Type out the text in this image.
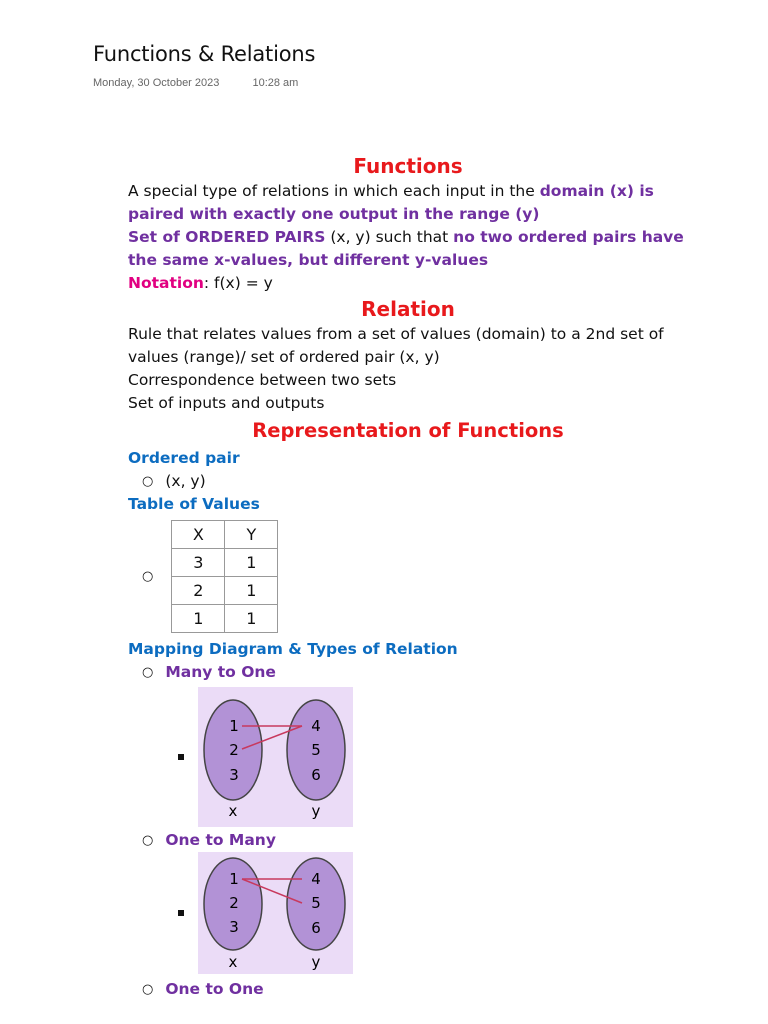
Functions & Relations
Monday, 30 October 2023	10:28 am
Functions

A special type of relations in which each input in the domain (x) is paired with exactly one output in the range (y)

Set of ORDERED PAIRS (x, y) such that no two ordered pairs have the same x-values, but different y-values

Notation: f(x) = y

Relation

Rule that relates values from a set of values (domain) to a 2nd set of values (range)/ set of ordered pair (x, y)

Correspondence between two sets

Set of inputs and outputs

Representation of Functions

Ordered pair

○ (x, y)

Table of Values

○
X	Y
3	1
2	1
1	1

Mapping Diagram & Types of Relation

○ Many to One
1
2
3
4
5
6
x	y
○ One to Many
1
2
3
4
5
6
x	y
○ One to One
